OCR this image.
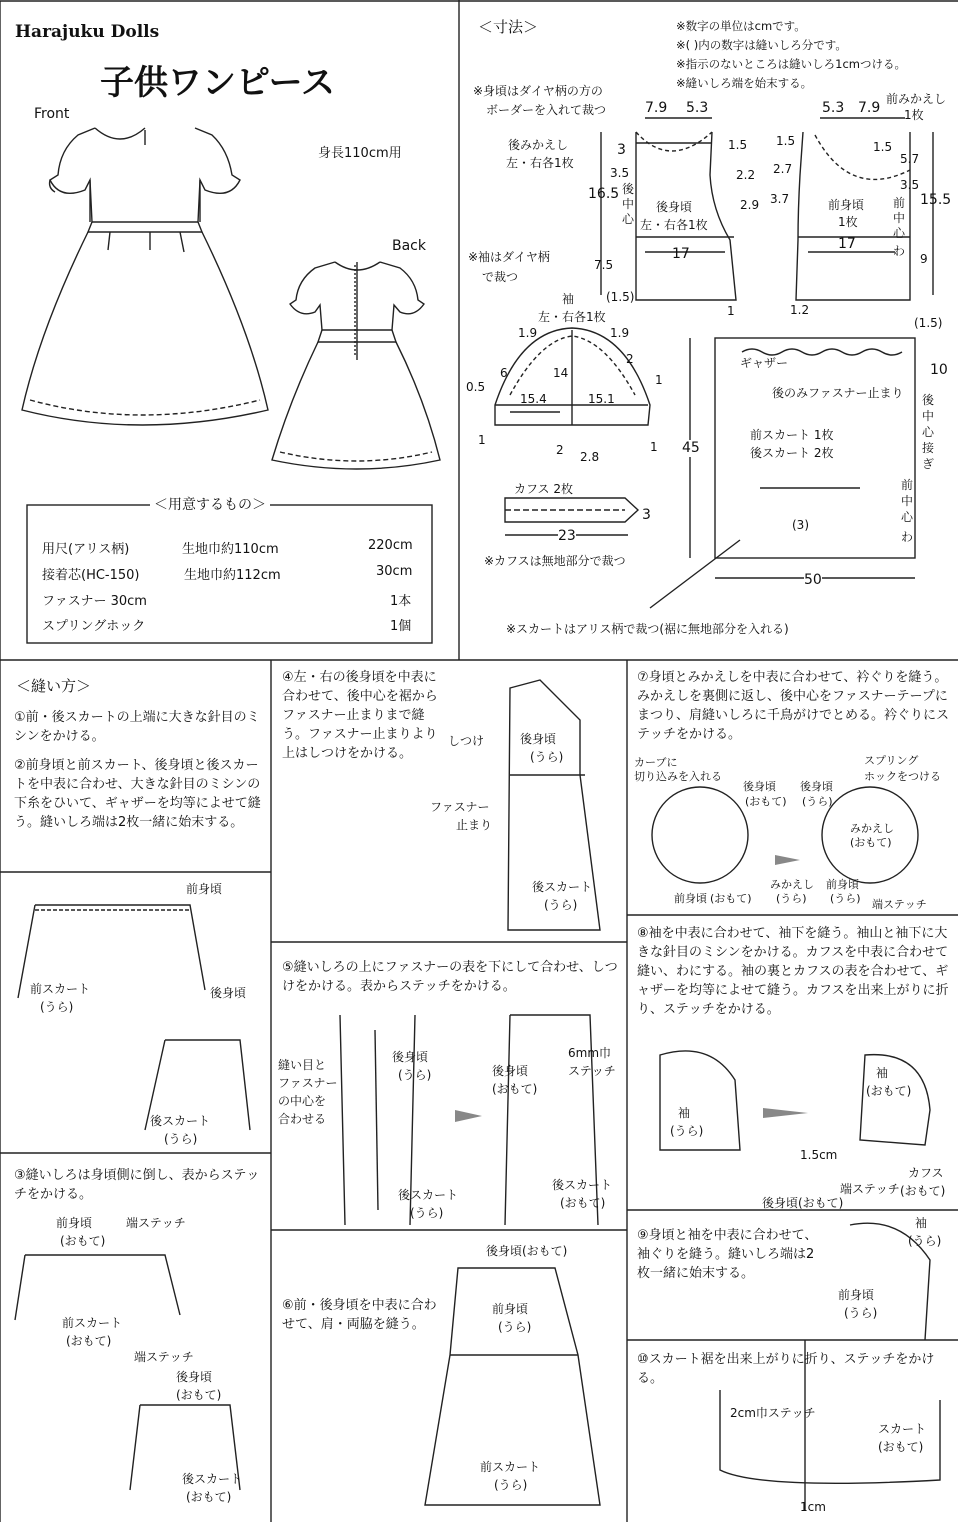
Harajuku Dolls
子供ワンピース
身長110cm用
Front
Back
＜用意するもの＞
用尺(アリス柄)	生地巾約110cm	220cm
接着芯(HC-150)	生地巾約112cm	30cm
ファスナー 30cm	1本
スプリングホック	1個
＜寸法＞	※数字の単位はcmです。
※( )内の数字は縫いしろ分です。
※指示のないところは縫いしろ1cmつける。
※縫いしろ端を始末する。
※身頃はダイヤ柄の方の
ボーダーを入れて裁つ	7.9 5.3
後みかえし
左・右各1枚
3
3.5
1.5
2.2
2.9
16.5 後
中
心
後身頃
左・右各1枚
17
7.5
(1.5)
1
5.3 7.9
前みかえし
1枚
1.5	1.5
2.7
5.7
3.7
3.5
前身頃
1枚
前
中
心
わ
15.5
17
9
1.2
※袖はダイヤ柄
で裁つ
袖
左・右各1枚
1.9	1.9
0.5
6	14
2
1
15.4	15.1
1
2 2.8
1
カフス 2枚
3
23
※カフスは無地部分で裁つ
ギャザー
後のみファスナー止まり
前スカート 1枚
後スカート 2枚
45
50
(1.5)
10
(3)
後
中
心
接
ぎ
前
中
心
わ
※スカートはアリス柄で裁つ(裾に無地部分を入れる)
＜縫い方＞
①前・後スカートの上端に大きな針目のミシンをかける。
②前身頃と前スカート、後身頃と後スカートを中表に合わせ、大きな針目のミシンの下糸をひいて、ギャザーを均等によせて縫う。縫いしろ端は2枚一緒に始末する。
③縫いしろは身頃側に倒し、表からステッチをかける。
④左・右の後身頃を中表に合わせて、後中心を裾からファスナー止まりまで縫う。ファスナー止まりより上はしつけをかける。
⑤縫いしろの上にファスナーの表を下にして合わせ、しつけをかける。表からステッチをかける。
⑥前・後身頃を中表に合わせて、肩・両脇を縫う。
⑦身頃とみかえしを中表に合わせて、衿ぐりを縫う。みかえしを裏側に返し、後中心をファスナーテープにまつり、肩縫いしろに千鳥がけでとめる。衿ぐりにステッチをかける。
⑧袖を中表に合わせて、袖下を縫う。袖山と袖下に大きな針目のミシンをかける。カフスを中表に合わせて縫い、わにする。袖の裏とカフスの表を合わせて、ギャザーを均等によせて縫う。カフスを出来上がりに折り、ステッチをかける。
⑨身頃と袖を中表に合わせて、袖ぐりを縫う。縫いしろ端は2枚一緒に始末する。
⑩スカート裾を出来上がりに折り、ステッチをかける。
前身頃
前スカート
(うら)
後身頃
後スカート
(うら)
前身頃
(おもて)
端ステッチ
前スカート
(おもて)
端ステッチ
後身頃
(おもて)
後スカート
(おもて)
しつけ	後身頃
(うら)
ファスナー
止まり
後スカート
(うら)
縫い目と
ファスナー
の中心を
合わせる
後身頃
(うら)
後スカート
(うら)
後身頃
(おもて)
6mm巾
ステッチ
後スカート
(おもて)
後身頃(おもて)
前身頃
(うら)
前スカート
(うら)
カーブに
切り込みを入れる
後身頃
(おもて)
後身頃
(うら)
スプリング
ホックをつける
みかえし
(おもて)
前身頃 (おもて)
みかえし
(うら)
前身頃
(うら) 端ステッチ
袖
(うら)
袖
(おもて)
1.5cm
カフス
(おもて)
端ステッチ
後身頃(おもて)
袖
(うら)
前身頃
(うら)
2cm巾ステッチ
スカート
(おもて)
1cm
